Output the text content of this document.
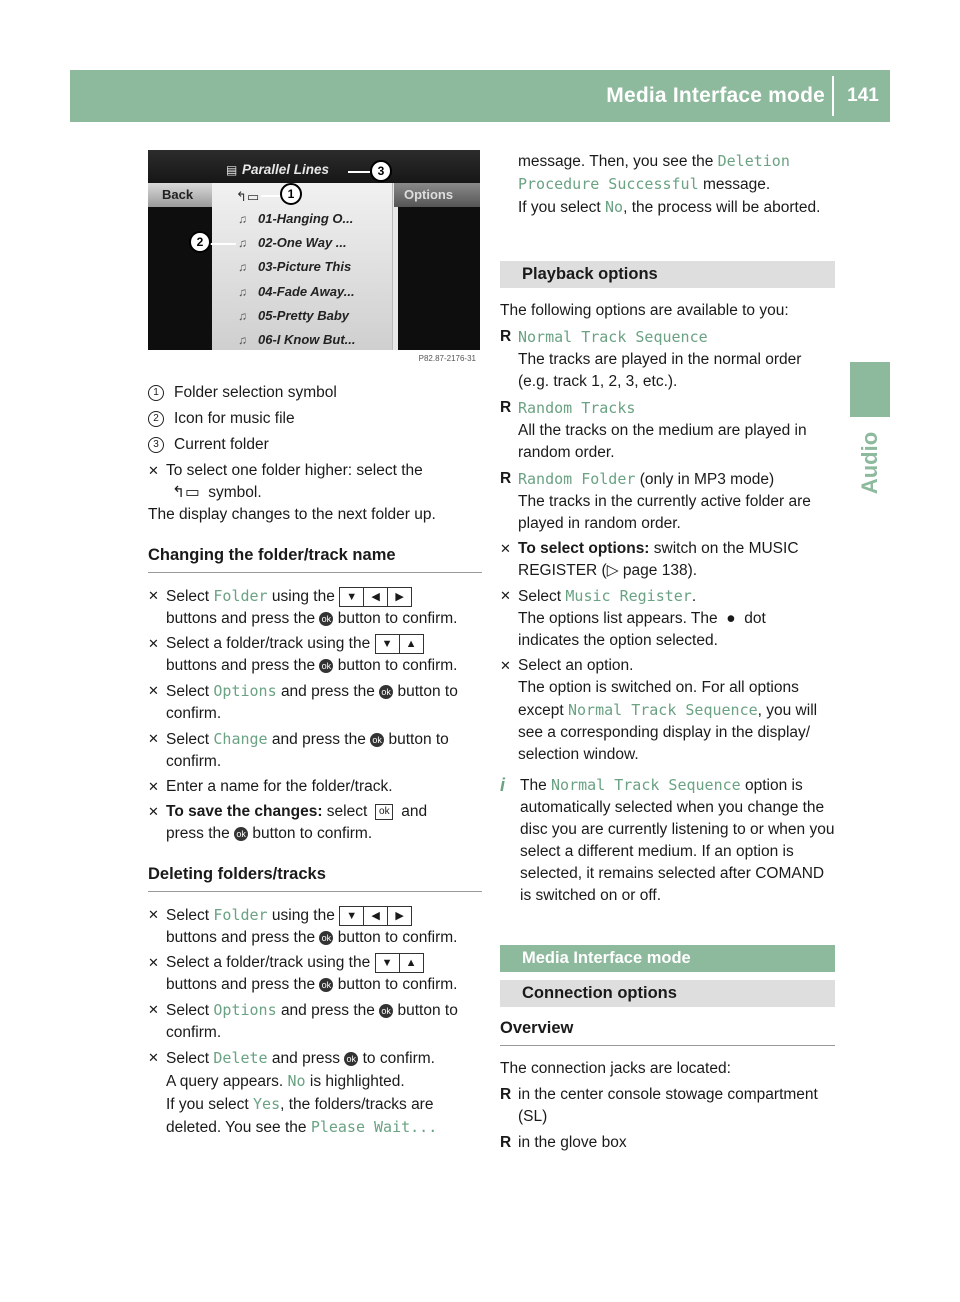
Media Interface mode	141
Audio
▤ Parallel Lines
Back	Options
↰▭
♫ 01-Hanging O...
♫ 02-One Way ...
♫ 03-Picture This
♫ 04-Fade Away...
♫ 05-Pretty Baby
♫ 06-I Know But...
1
2
3
P82.87-2176-31
1 Folder selection symbol
2 Icon for music file
3 Current folder
✕ To select one folder higher: select the
↰▭ symbol.
The display changes to the next folder up.
Changing the folder/track name
✕ Select Folder using the ▼ ◀ ▶
buttons and press the ok button to confirm.
✕ Select a folder/track using the ▼ ▲
buttons and press the ok button to confirm.
✕ Select Options and press the ok button to
confirm.
✕ Select Change and press the ok button to
confirm.
✕ Enter a name for the folder/track.
✕ To save the changes: select ok and
press the ok button to confirm.
Deleting folders/tracks
✕ Select Folder using the ▼ ◀ ▶
buttons and press the ok button to confirm.
✕ Select a folder/track using the ▼ ▲
buttons and press the ok button to confirm.
✕ Select Options and press the ok button to
confirm.
✕ Select Delete and press ok to confirm.
A query appears. No is highlighted.
If you select Yes, the folders/tracks are
deleted. You see the Please Wait...
message. Then, you see the Deletion
Procedure Successful message.
If you select No, the process will be aborted.
Playback options
The following options are available to you:
R Normal Track Sequence
The tracks are played in the normal order (e.g. track 1, 2, 3, etc.).
R Random Tracks
All the tracks on the medium are played in random order.
R Random Folder (only in MP3 mode)
The tracks in the currently active folder are played in random order.
✕ To select options: switch on the MUSIC REGISTER (▷ page 138).
✕ Select Music Register.
The options list appears. The  ●  dot
indicates the option selected.
✕ Select an option.
The option is switched on. For all options
except Normal Track Sequence, you will see a corresponding display in the display/ selection window.
i The Normal Track Sequence option is automatically selected when you change the disc you are currently listening to or when you select a different medium. If an option is selected, it remains selected after COMAND is switched on or off.
Media Interface mode
Connection options
Overview
The connection jacks are located:
R in the center console stowage compartment (SL)
R in the glove box
